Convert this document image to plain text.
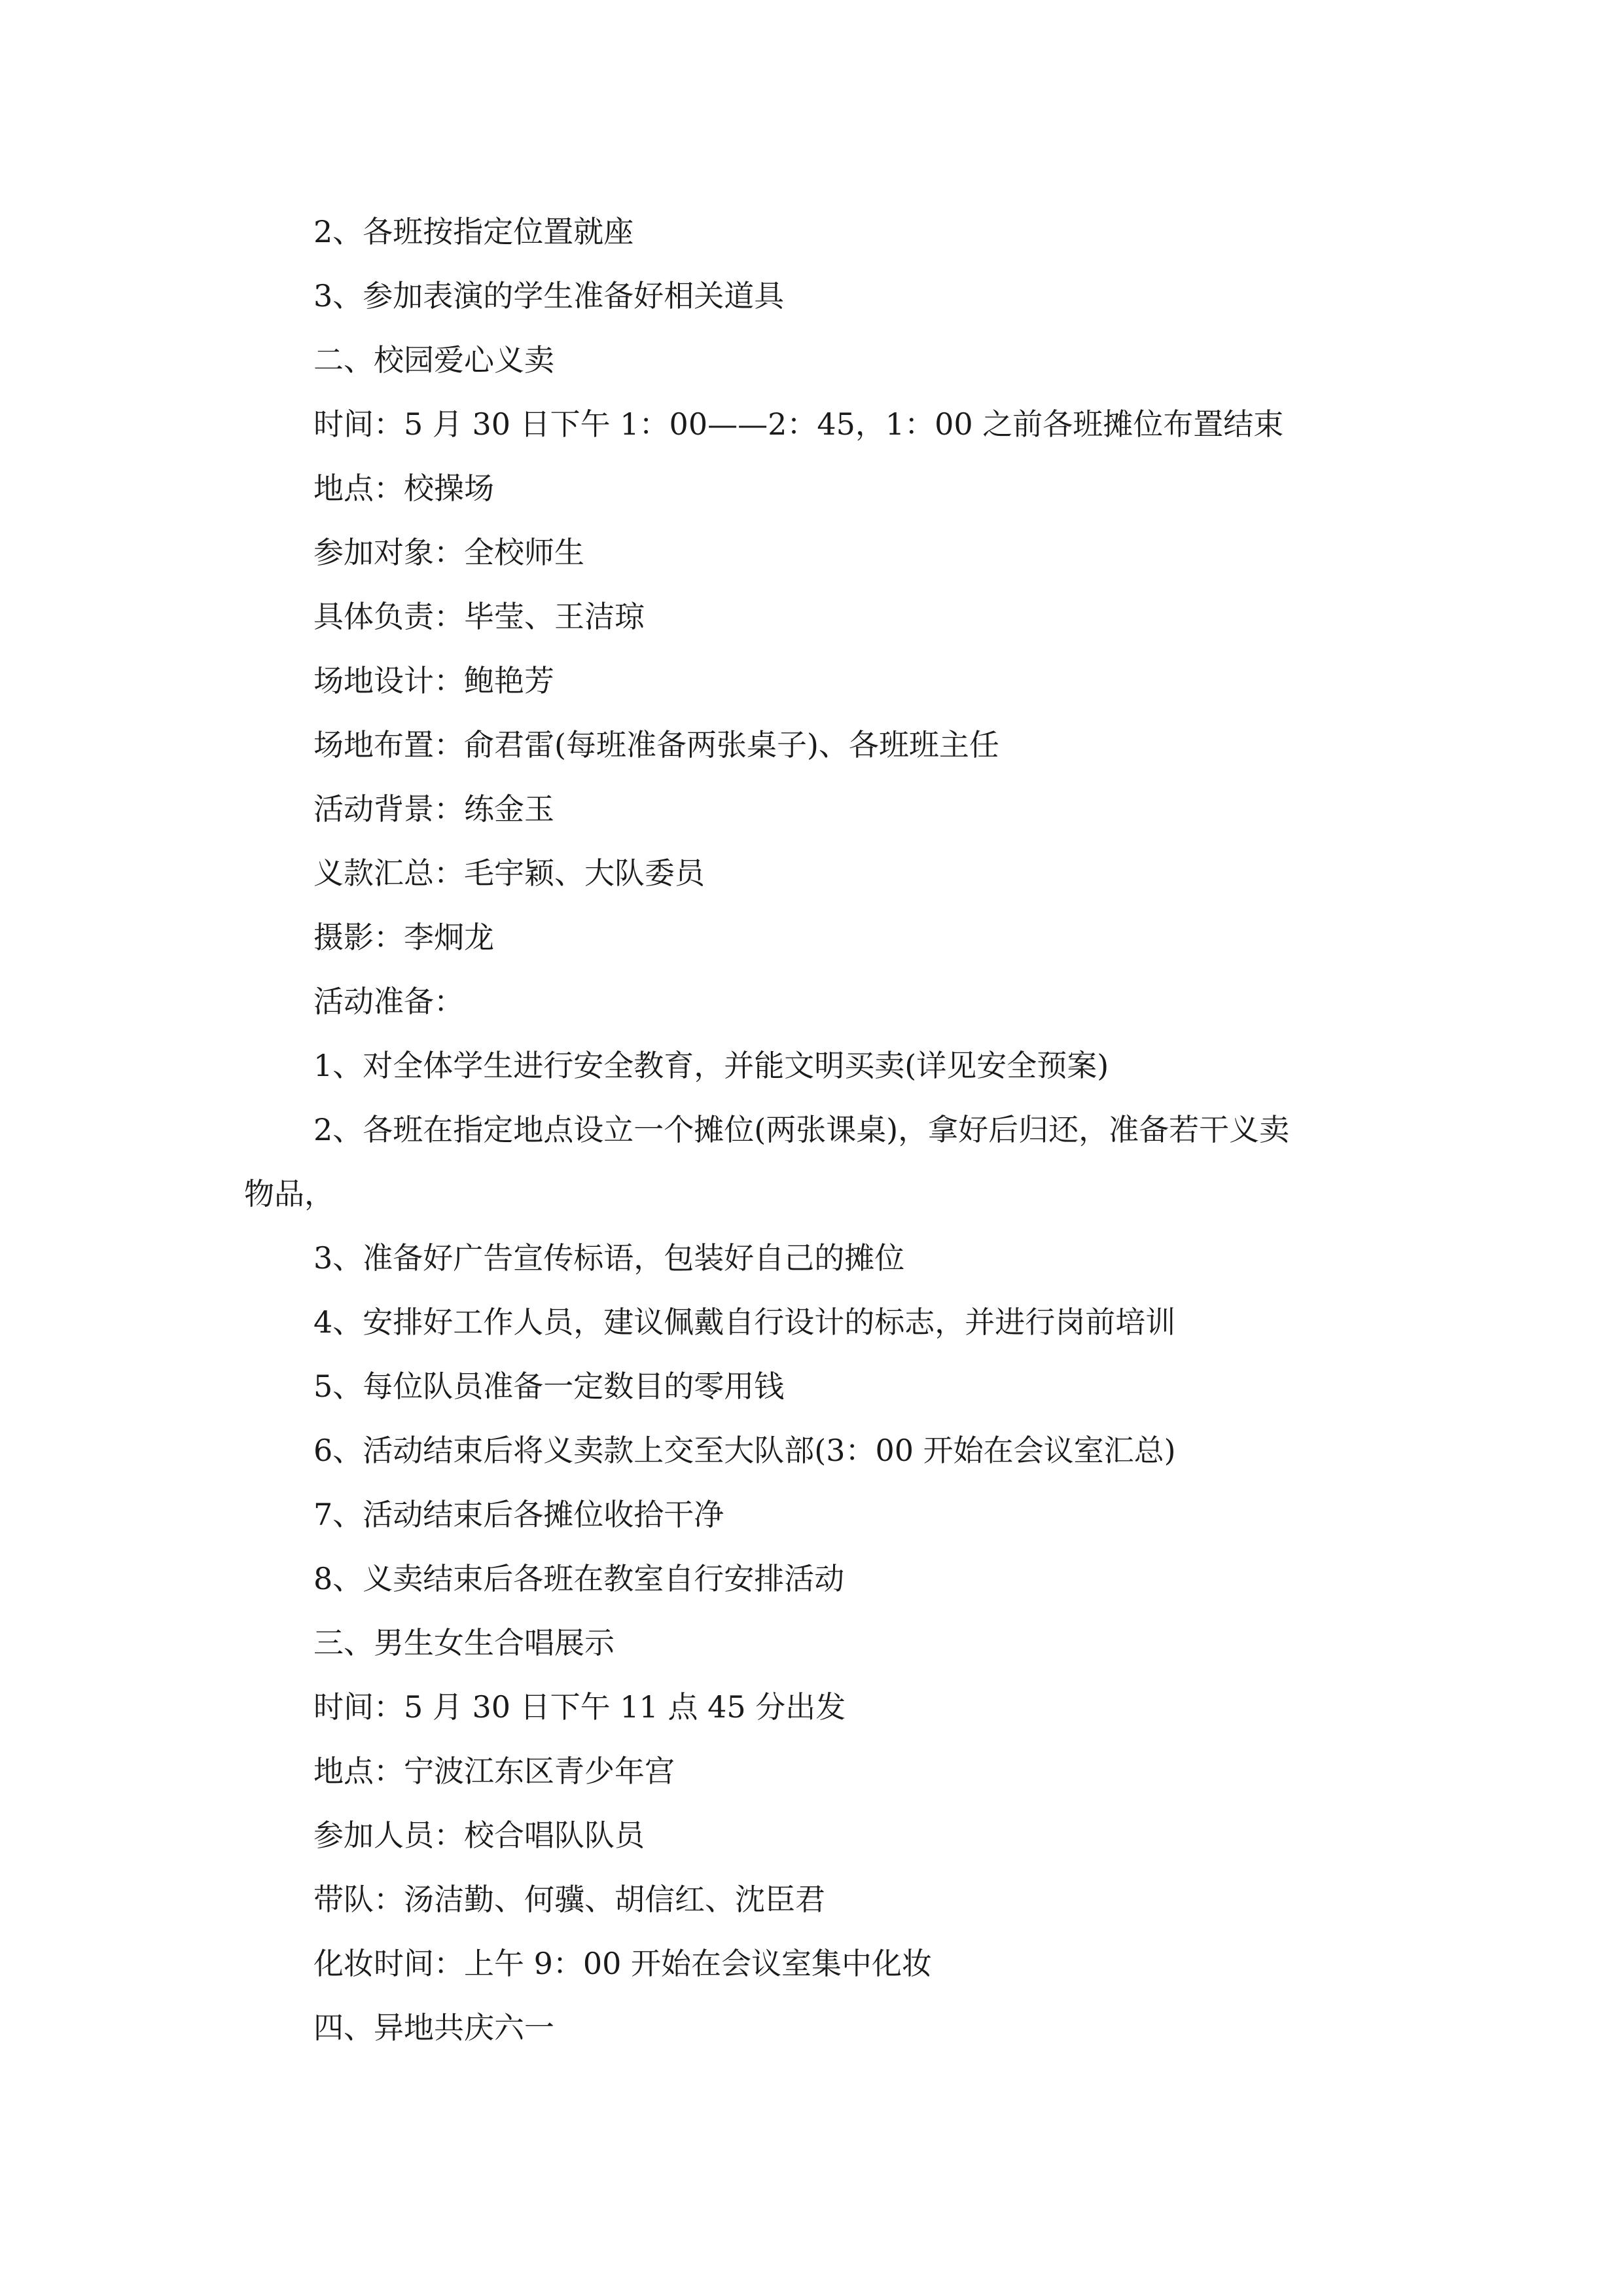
2、各班按指定位置就座
3、参加表演的学生准备好相关道具
二、校园爱心义卖
时间：5 月 30 日下午 1：00——2：45，1：00 之前各班摊位布置结束
地点：校操场
参加对象：全校师生
具体负责：毕莹、王洁琼
场地设计：鲍艳芳
场地布置：俞君雷(每班准备两张桌子)、各班班主任
活动背景：练金玉
义款汇总：毛宇颖、大队委员
摄影：李炯龙
活动准备：
1、对全体学生进行安全教育，并能文明买卖(详见安全预案)
2、各班在指定地点设立一个摊位(两张课桌)，拿好后归还，准备若干义卖
物品，
3、准备好广告宣传标语，包装好自己的摊位
4、安排好工作人员，建议佩戴自行设计的标志，并进行岗前培训
5、每位队员准备一定数目的零用钱
6、活动结束后将义卖款上交至大队部(3：00 开始在会议室汇总)
7、活动结束后各摊位收拾干净
8、义卖结束后各班在教室自行安排活动
三、男生女生合唱展示
时间：5 月 30 日下午 11 点 45 分出发
地点：宁波江东区青少年宫
参加人员：校合唱队队员
带队：汤洁勤、何骥、胡信红、沈臣君
化妆时间：上午 9：00 开始在会议室集中化妆
四、异地共庆六一
